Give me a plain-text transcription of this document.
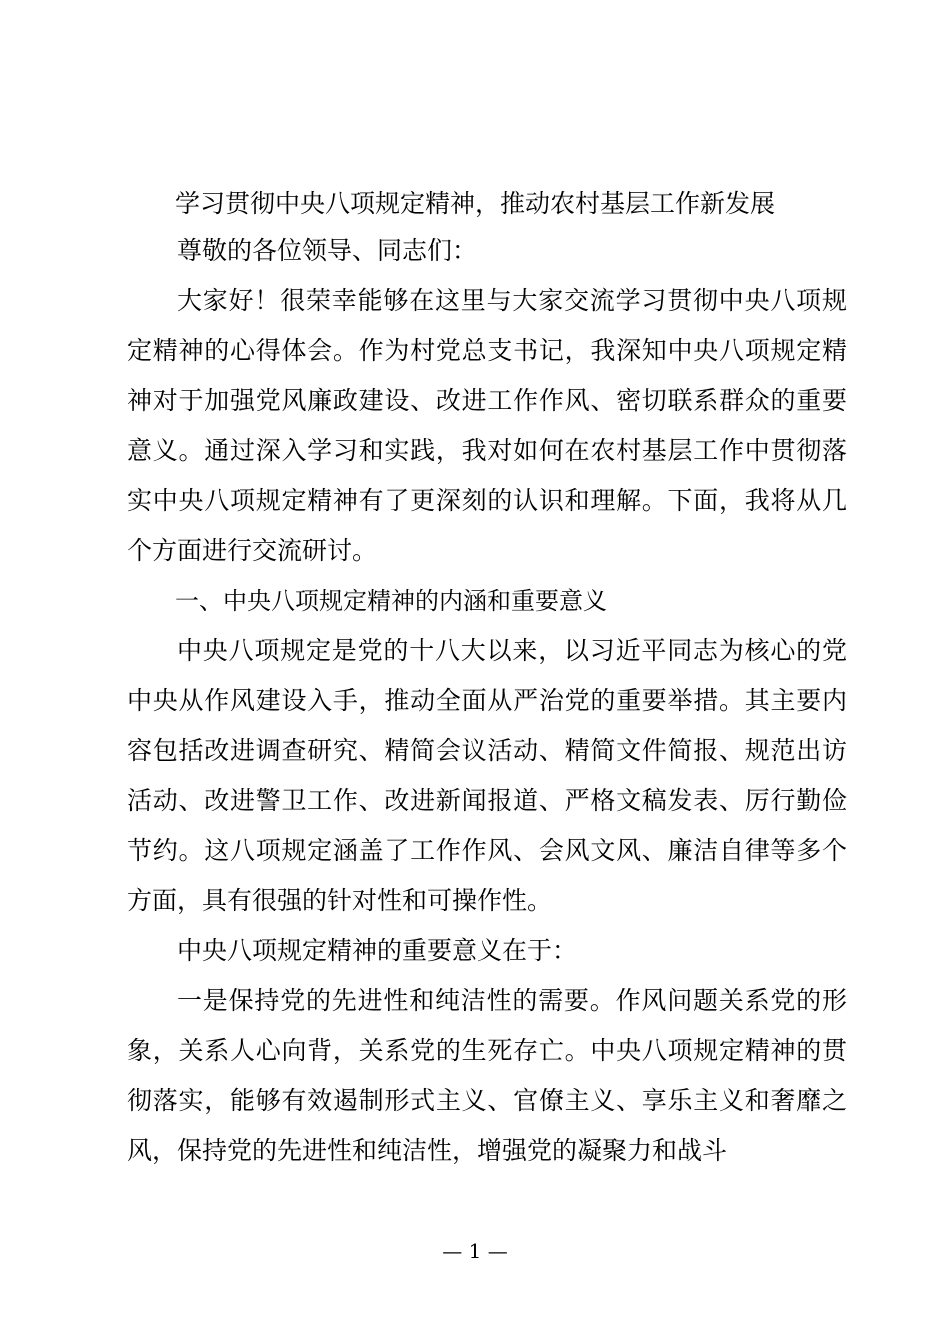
学习贯彻中央八项规定精神，推动农村基层工作新发展
尊敬的各位领导、同志们：

大家好！很荣幸能够在这里与大家交流学习贯彻中央八项规定精神的心得体会。作为村党总支书记，我深知中央八项规定精神对于加强党风廉政建设、改进工作作风、密切联系群众的重要意义。通过深入学习和实践，我对如何在农村基层工作中贯彻落实中央八项规定精神有了更深刻的认识和理解。下面，我将从几个方面进行交流研讨。

一、中央八项规定精神的内涵和重要意义

中央八项规定是党的十八大以来，以习近平同志为核心的党中央从作风建设入手，推动全面从严治党的重要举措。其主要内容包括改进调查研究、精简会议活动、精简文件简报、规范出访活动、改进警卫工作、改进新闻报道、严格文稿发表、厉行勤俭节约。这八项规定涵盖了工作作风、会风文风、廉洁自律等多个方面，具有很强的针对性和可操作性。

中央八项规定精神的重要意义在于：

一是保持党的先进性和纯洁性的需要。作风问题关系党的形象，关系人心向背，关系党的生死存亡。中央八项规定精神的贯彻落实，能够有效遏制形式主义、官僚主义、享乐主义和奢靡之风，保持党的先进性和纯洁性，增强党的凝聚力和战斗

— 1 —
